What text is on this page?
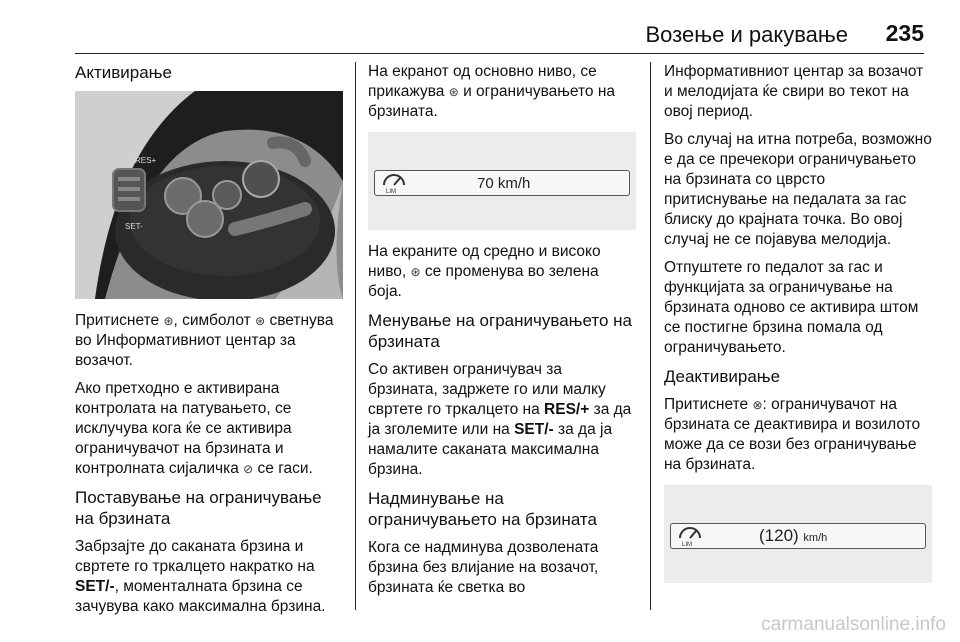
Возење и ракување 235
Активирање
RES+
SET-

Притиснете ⊛, симболот ⊛ светнува во Информативниот центар за возачот.

Ако претходно е активирана контролата на патувањето, се исклучува кога ќе се активира ограничувачот на брзината и контролната сијаличка ⊘ се гаси.

Поставување на ограничување на брзината

Забрзајте до саканата брзина и свртете го тркалцето накратко на SET/-, моменталната брзина се зачувува како максимална брзина.

На екранот од основно ниво, се прикажува ⊛ и ограничувањето на брзината.

LIM	70 km/h

На екраните од средно и високо ниво, ⊛ се променува во зелена боја.

Менување на ограничувањето на брзината

Со активен ограничувач за брзината, задржете го или малку свртете го тркалцето на RES/+ за да ја зголемите или на SET/- за да ја намалите саканата максимална брзина.

Надминување на ограничувањето на брзината

Кога се надминува дозволената брзина без влијание на возачот, брзината ќе светка во

Информативниот центар за возачот и мелодијата ќе свири во текот на овој период.

Во случај на итна потреба, возможно е да се пречекори ограничувањето на брзината со цврсто притиснување на педалата за гас блиску до крајната точка. Во овој случај не се појавува мелодија.

Отпуштете го педалот за гас и функцијата за ограничување на брзината одново се активира штом се постигне брзина помала од ограничувањето.

Деактивирање

Притиснете ⊗: ограничувачот на брзината се деактивира и возилото може да се вози без ограничување на брзината.

LIM	(120) km/h
carmanualsonline.info
